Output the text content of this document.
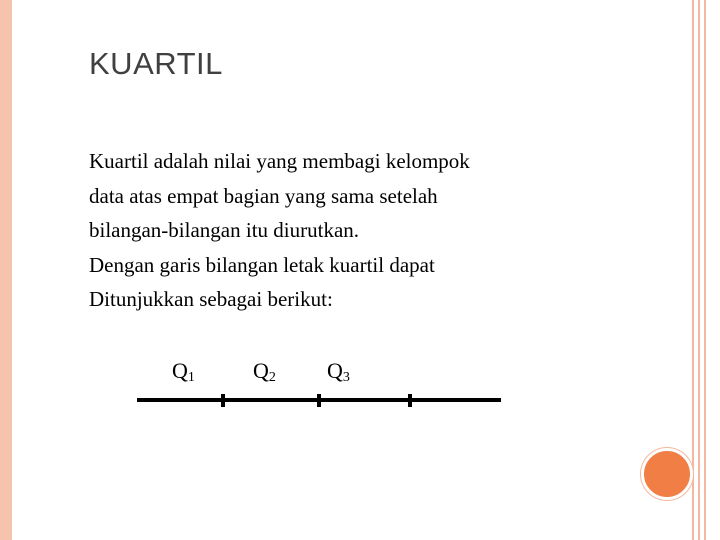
KUARTIL
Kuartil adalah nilai yang membagi kelompok
data atas empat bagian yang sama setelah
bilangan-bilangan itu diurutkan.
Dengan garis bilangan letak kuartil dapat
Ditunjukkan sebagai berikut:
$Q_1$	$Q_2$ $Q_3$
